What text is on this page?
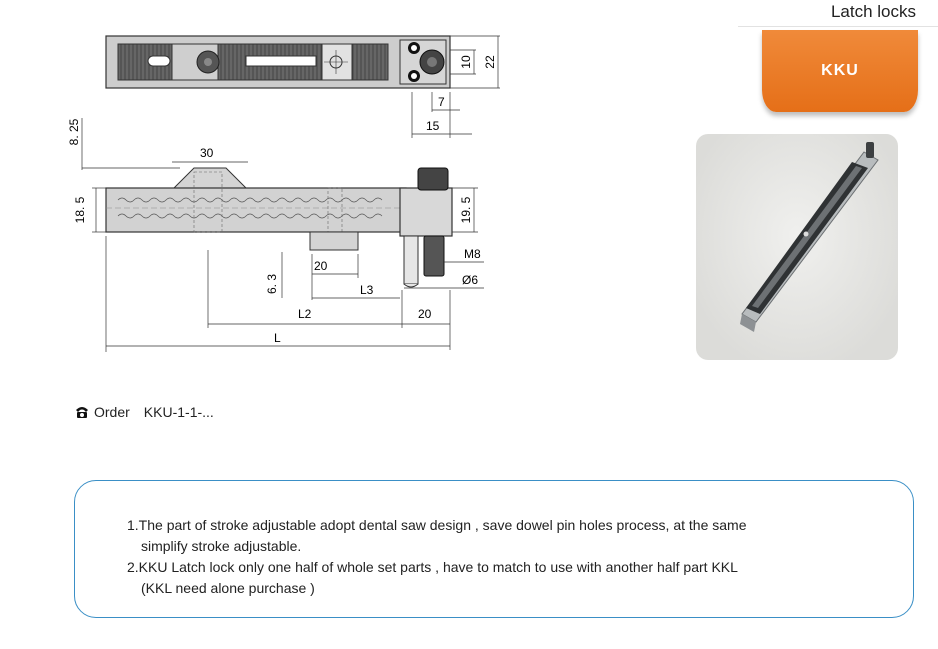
Latch locks
KKU
10 22
7
15
8. 25
30
18. 5	19. 5
M8
20
6. 3	L3
Ø6
L2	20
L
Order KKU-1-1-...
1.The part of stroke adjustable adopt dental saw design , save dowel pin holes process, at the same
simplify stroke adjustable.
2.KKU Latch lock only one half of whole set parts , have to match to use with another half part KKL
(KKL need alone purchase )
